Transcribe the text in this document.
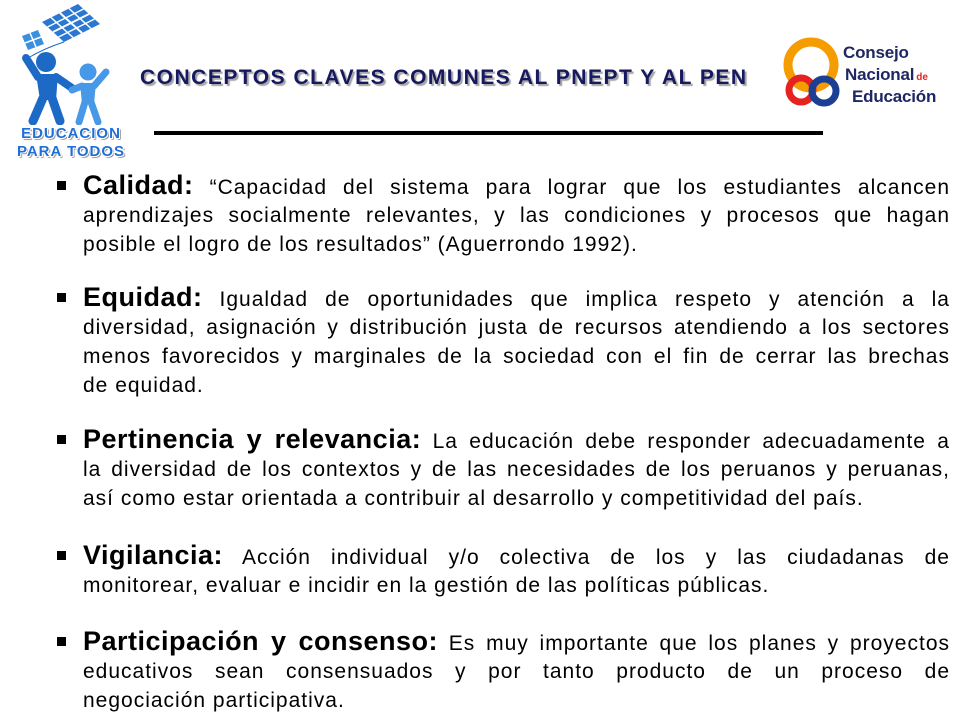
EDUCACION
PARA TODOS
CONCEPTOS CLAVES COMUNES AL PNEPT Y AL PEN
Consejo
Nacional de
Educación
Calidad: “Capacidad del sistema para lograr que los estudiantes alcancen
aprendizajes socialmente relevantes, y las condiciones y procesos que hagan
posible el logro de los resultados” (Aguerrondo 1992).
Equidad: Igualdad de oportunidades que implica respeto y atención a la
diversidad, asignación y distribución justa de recursos atendiendo a los sectores
menos favorecidos y marginales de la sociedad con el fin de cerrar las brechas
de equidad.
Pertinencia y relevancia: La educación debe responder adecuadamente a
la diversidad de los contextos y de las necesidades de los peruanos y peruanas,
así como estar orientada a contribuir al desarrollo y competitividad del país.
Vigilancia: Acción individual y/o colectiva de los y las ciudadanas de
monitorear, evaluar e incidir en la gestión de las políticas públicas.
Participación y consenso: Es muy importante que los planes y proyectos
educativos sean consensuados y por tanto producto de un proceso de
negociación participativa.
